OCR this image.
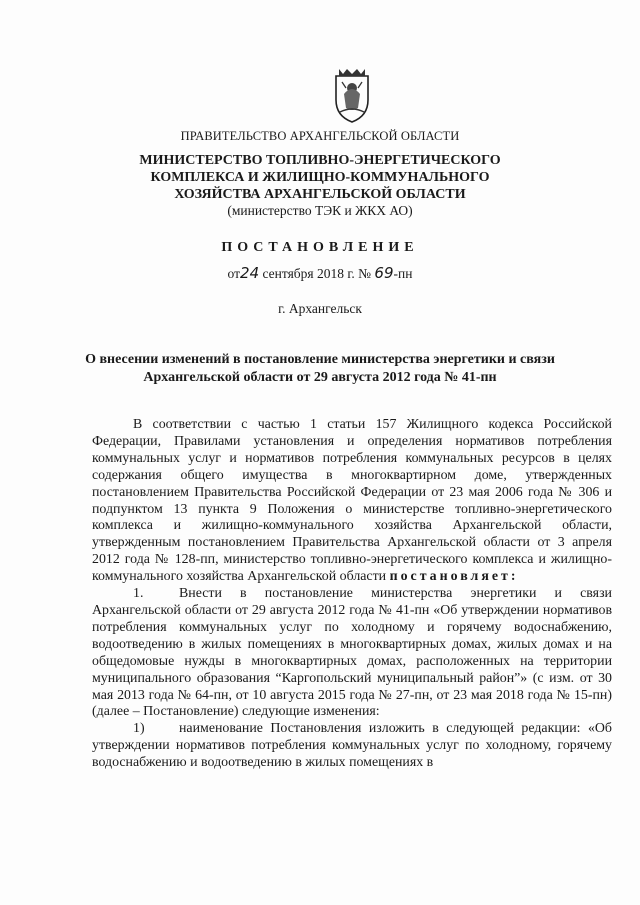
ПРАВИТЕЛЬСТВО АРХАНГЕЛЬСКОЙ ОБЛАСТИ
МИНИСТЕРСТВО ТОПЛИВНО-ЭНЕРГЕТИЧЕСКОГО
КОМПЛЕКСА И ЖИЛИЩНО-КОММУНАЛЬНОГО
ХОЗЯЙСТВА АРХАНГЕЛЬСКОЙ ОБЛАСТИ
(министерство ТЭК и ЖКХ АО)
ПОСТАНОВЛЕНИЕ
от24 сентября 2018 г. № 69-пн
г. Архангельск
О внесении изменений в постановление министерства энергетики и связи
Архангельской области от 29 августа 2012 года № 41-пн

В соответствии с частью 1 статьи 157 Жилищного кодекса Российской Федерации, Правилами установления и определения нормативов потребления коммунальных услуг и нормативов потребления коммунальных ресурсов в целях содержания общего имущества в многоквартирном доме, утвержденных постановлением Правительства Российской Федерации от 23 мая 2006 года № 306 и подпунктом 13 пункта 9 Положения о министерстве топливно-энергетического комплекса и жилищно-коммунального хозяйства Архангельской области, утвержденным постановлением Правительства Архангельской области от 3 апреля 2012 года № 128-пп, министерство топливно-энергетического комплекса и жилищно-коммунального хозяйства Архангельской области постановляет:

1.	Внести в постановление министерства энергетики и связи Архангельской области от 29 августа 2012 года № 41-пн «Об утверждении нормативов потребления коммунальных услуг по холодному и горячему водоснабжению, водоотведению в жилых помещениях в многоквартирных домах, жилых домах и на общедомовые нужды в многоквартирных домах, расположенных на территории муниципального образования “Каргопольский муниципальный район”» (с изм. от 30 мая 2013 года № 64-пн, от 10 августа 2015 года № 27-пн, от 23 мая 2018 года № 15-пн) (далее – Постановление) следующие изменения:

1) наименование Постановления изложить в следующей редакции: «Об утверждении нормативов потребления коммунальных услуг по холодному, горячему водоснабжению и водоотведению в жилых помещениях в
